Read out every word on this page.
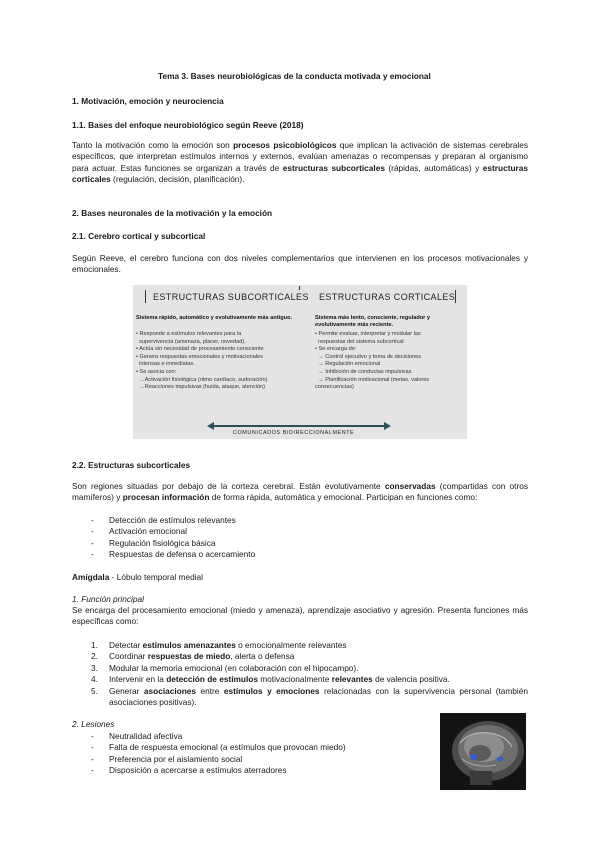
Tema 3. Bases neurobiológicas de la conducta motivada y emocional

1. Motivación, emoción y neurociencia

1.1. Bases del enfoque neurobiológico según Reeve (2018)

Tanto la motivación como la emoción son procesos psicobiológicos que implican la activación de sistemas cerebrales específicos, que interpretan estímulos internos y externos, evalúan amenazas o recompensas y preparan al organismo para actuar. Estas funciones se organizan a través de estructuras subcorticales (rápidas, automáticas) y estructuras corticales (regulación, decisión, planificación).

2. Bases neuronales de la motivación y la emoción

2.1. Cerebro cortical y subcortical

Según Reeve, el cerebro funciona con dos niveles complementarios que intervienen en los procesos motivacionales y emocionales.

ESTRUCTURAS SUBCORTICALES ESTRUCTURAS CORTICALES

Sistema rápido, automático y evolutivamente más antiguo.

• Responde a estímulos relevantes para la

supervivencia (amenaza, placer, novedad).

• Actúa sin necesidad de procesamiento consciente

• Genera respuestas emocionales y motivacionales

intensas e inmediatas.

• Se asocia con:

→Activación fisiológica (ritmo cardíaco, sudoración)

→Reacciones impulsivas (huida, ataque, atención)

Sistema más lento, consciente, regulador y evolutivamente más reciente.

• Permite evaluar, interpretar y modular las

respuestas del sistema subcortical

• Se encarga de:

→ Control ejecutivo y toma de decisiones

→ Regulación emocional

→ Inhibición de conductas impulsivas

→ Planificación motivacional (metas, valores

consecuencias)

COMUNICADOS BIDIRECCIONALMENTE

2.2. Estructuras subcorticales

Son regiones situadas por debajo de la corteza cerebral. Están evolutivamente conservadas (compartidas con otros mamíferos) y procesan información de forma rápida, automática y emocional. Participan en funciones como:

- Detección de estímulos relevantes

- Activación emocional

- Regulación fisiológica básica

- Respuestas de defensa o acercamiento

Amígdala - Lóbulo temporal medial

1. Función principal

Se encarga del procesamiento emocional (miedo y amenaza), aprendizaje asociativo y agresión. Presenta funciones más específicas como:

1. Detectar estímulos amenazantes o emocionalmente relevantes

2. Coordinar respuestas de miedo, alerta o defensa

3. Modular la memoria emocional (en colaboración con el hipocampo).

4. Intervenir en la detección de estímulos motivacionalmente relevantes de valencia positiva.

5. Generar asociaciones entre estímulos y emociones relacionadas con la supervivencia personal (también asociaciones positivas).

2. Lesiones

- Neutralidad afectiva

- Falta de respuesta emocional (a estímulos que provocan miedo)

- Preferencia por el aislamiento social

- Disposición a acercarse a estímulos aterradores
